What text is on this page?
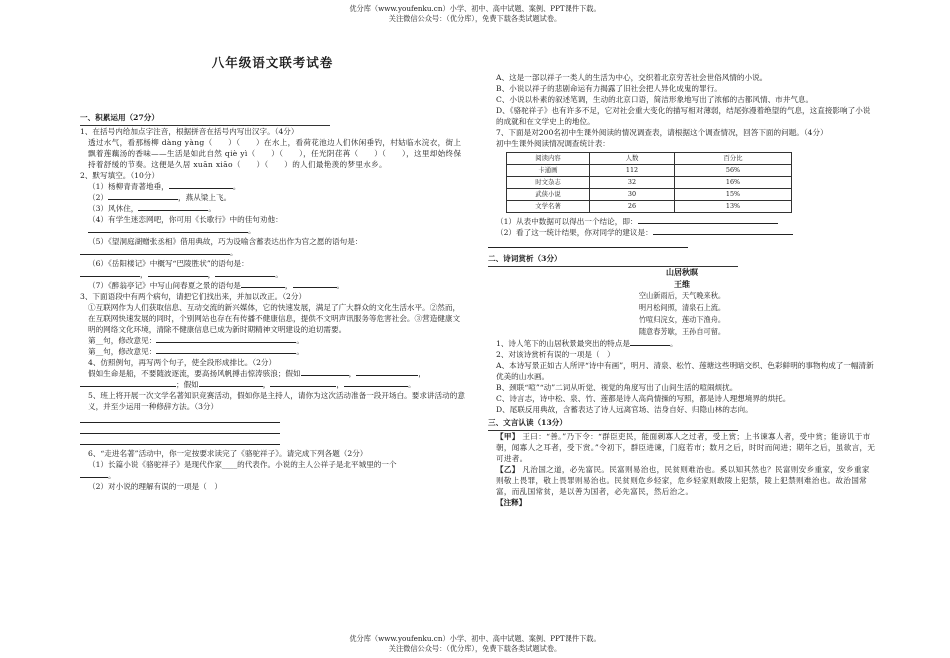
优分库（www.youfenku.cn）小学、初中、高中试题、案例、PPT课件下载。
关注微信公众号：（优分库），免费下载各类试题试卷。
八年级语文联考试卷

一、积累运用（27分）

1、在括号内给加点字注音，根据拼音在括号内写出汉字。（4分）

透过水气，看那杨柳 dàng yàng（　　）（　　）在水上，看荷花池边人们休闲垂钓，村姑临水浣衣，街上飘着莲藕汤的香味——生活是如此自然 qiè yì（　　）（　　），任光阴荏苒（　　）（　　），这里却始终保持着舒缓的节奏。这便是久居 xuān xiāo（　　）（　　）的人们最艳羡的梦里水乡。

2、默写填空。（10分）

（1）杨柳青青著地垂，	。

（2）	，燕从梁上飞。

（3）风休住，	。

（4）有学生迷恋网吧，你可用《长歌行》中的佳句劝他：

。

（5）《望洞庭湖赠张丞相》借用典故，巧为设喻含蓄表达出作为官之愿的语句是：

。

（6）《岳阳楼记》中概写“巴陵胜状”的语句是：

，	，	。

（7）《醉翁亭记》中写山间春夏之景的语句是	，	。

3、下面语段中有两个病句，请把它们找出来，并加以改正。（2分）

①互联网作为人们获取信息、互动交流的新兴媒体，它的快速发展，满足了广大群众的文化生活水平。②然而，在互联网快速发展的同时，个别网站也存在有传播不健康信息，提供不文明声讯服务等危害社会。③营造健康文明的网络文化环境，清除不健康信息已成为新时期精神文明建设的迫切需要。

第__句，修改意见：	。

第__句，修改意见：	。

4、仿照例句，再写两个句子，使全段形成排比。（2分）

假如生命是船，不要随波逐流，要高扬风帆搏击惊涛骇浪；假如	，	，

；假如	，	，	。

5、班上将开展一次文学名著知识竞赛活动，假如你是主持人，请你为这次活动准备一段开场白。要求讲活动的意义，并至少运用一种修辞方法。（3分）

6、“走进名著”活动中，你一定按要求读完了《骆驼祥子》。请完成下列各题（2分）

（1）长篇小说《骆驼祥子》是现代作家____的代表作。小说的主人公祥子是北平城里的一个

。

（2）对小说的理解有误的一项是（　）

A、这是一部以祥子一类人的生活为中心，交织着北京穷苦社会世俗风情的小说。

B、小说以祥子的悲剧命运有力揭露了旧社会把人异化成鬼的罪行。

C、小说以朴素的叙述笔调，生动的北京口语，简洁形象地写出了浓郁的古都风情、市井气息。

D、《骆驼祥子》也有许多不足，它对社会重大变化的描写相对薄弱，结尾弥漫着绝望的气息，这直接影响了小说的成就和在文学史上的地位。

7、下面是对200名初中生课外阅读的情况调查表，请根据这个调查情况，回答下面的问题。（4分）

初中生课外阅读情况调查统计表：

阅读内容	人数	百分比
卡通画	112	56%
时文杂志	32	16%
武侠小说	30	15%
文学名著	26	13%

（1）从表中数据可以得出一个结论，即：

（2）看了这一统计结果，你对同学的建议是：

二、诗词赏析（3分）

山居秋暝
王维
空山新雨后，天气晚来秋。
明月松间照，清泉石上流。
竹喧归浣女，莲动下渔舟。
随意春芳歇，王孙自可留。

1、诗人笔下的山居秋景最突出的特点是	。

2、对该诗赏析有误的一项是（　）

A、本诗写景正如古人所评“诗中有画”，明月、清泉、松竹、莲塘这些明暗交织、色彩鲜明的事物构成了一幅清新优美的山水画。

B、颈联“喧”“动”二词从听觉、视觉的角度写出了山间生活的喧闹烦扰。

C、诗言志，诗中松、泉、竹、莲都是诗人高尚情操的写照，都是诗人理想境界的烘托。

D、尾联反用典故，含蓄表达了诗人远离官场、洁身自好、归隐山林的志向。

三、文言认读（13分）

【甲】 王曰：“善。”乃下令：“群臣吏民，能面刺寡人之过者，受上赏；上书谏寡人者，受中赏；能谤讥于市朝，闻寡人之耳者，受下赏。”令初下，群臣进谏，门庭若市；数月之后，时时而间进；期年之后，虽欲言，无可进者。

【乙】 凡治国之道，必先富民。民富则易治也，民贫则难治也。奚以知其然也？民富则安乡重家，安乡重家则敬上畏罪，敬上畏罪则易治也。民贫则危乡轻家，危乡轻家则敢陵上犯禁，陵上犯禁则难治也。故治国常富，而乱国常贫，是以善为国者，必先富民，然后治之。

【注释】

优分库（www.youfenku.cn）小学、初中、高中试题、案例、PPT课件下载。
关注微信公众号：（优分库），免费下载各类试题试卷。
